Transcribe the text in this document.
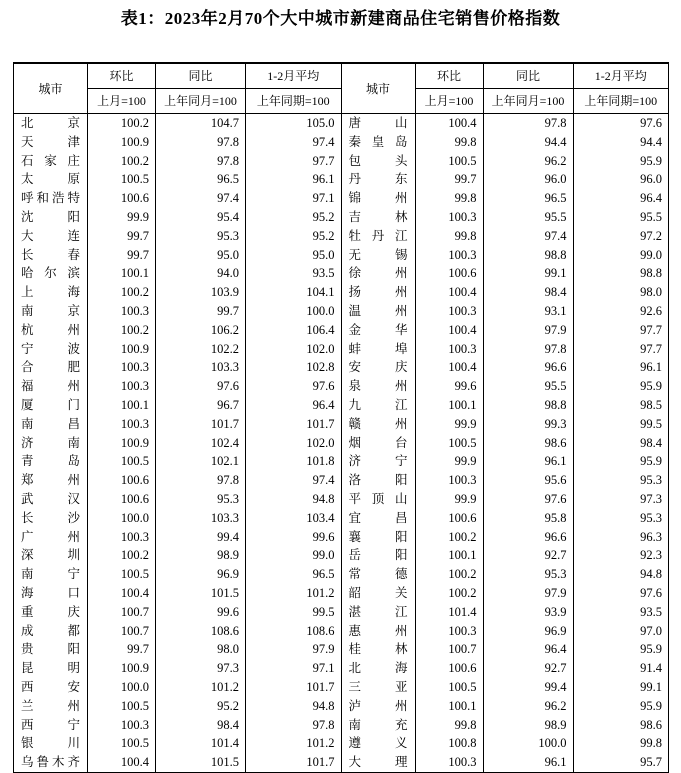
表1：2023年2月70个大中城市新建商品住宅销售价格指数
城市	环比	同比	1-2月平均	城市	环比	同比	1-2月平均
	上月=100	上年同月=100	上年同期=100		上月=100	上年同月=100	上年同期=100
北京	100.2	104.7	105.0	唐山	100.4	97.8	97.6
天津	100.9	97.8	97.4	秦皇岛	99.8	94.4	94.4
石家庄	100.2	97.8	97.7	包头	100.5	96.2	95.9
太原	100.5	96.5	96.1	丹东	99.7	96.0	96.0
呼和浩特	100.6	97.4	97.1	锦州	99.8	96.5	96.4
沈阳	99.9	95.4	95.2	吉林	100.3	95.5	95.5
大连	99.7	95.3	95.2	牡丹江	99.8	97.4	97.2
长春	99.7	95.0	95.0	无锡	100.3	98.8	99.0
哈尔滨	100.1	94.0	93.5	徐州	100.6	99.1	98.8
上海	100.2	103.9	104.1	扬州	100.4	98.4	98.0
南京	100.3	99.7	100.0	温州	100.3	93.1	92.6
杭州	100.2	106.2	106.4	金华	100.4	97.9	97.7
宁波	100.9	102.2	102.0	蚌埠	100.3	97.8	97.7
合肥	100.3	103.3	102.8	安庆	100.4	96.6	96.1
福州	100.3	97.6	97.6	泉州	99.6	95.5	95.9
厦门	100.1	96.7	96.4	九江	100.1	98.8	98.5
南昌	100.3	101.7	101.7	赣州	99.9	99.3	99.5
济南	100.9	102.4	102.0	烟台	100.5	98.6	98.4
青岛	100.5	102.1	101.8	济宁	99.9	96.1	95.9
郑州	100.6	97.8	97.4	洛阳	100.3	95.6	95.3
武汉	100.6	95.3	94.8	平顶山	99.9	97.6	97.3
长沙	100.0	103.3	103.4	宜昌	100.6	95.8	95.3
广州	100.3	99.4	99.6	襄阳	100.2	96.6	96.3
深圳	100.2	98.9	99.0	岳阳	100.1	92.7	92.3
南宁	100.5	96.9	96.5	常德	100.2	95.3	94.8
海口	100.4	101.5	101.2	韶关	100.2	97.9	97.6
重庆	100.7	99.6	99.5	湛江	101.4	93.9	93.5
成都	100.7	108.6	108.6	惠州	100.3	96.9	97.0
贵阳	99.7	98.0	97.9	桂林	100.7	96.4	95.9
昆明	100.9	97.3	97.1	北海	100.6	92.7	91.4
西安	100.0	101.2	101.7	三亚	100.5	99.4	99.1
兰州	100.5	95.2	94.8	泸州	100.1	96.2	95.9
西宁	100.3	98.4	97.8	南充	99.8	98.9	98.6
银川	100.5	101.4	101.2	遵义	100.8	100.0	99.8
乌鲁木齐	100.4	101.5	101.7	大理	100.3	96.1	95.7
